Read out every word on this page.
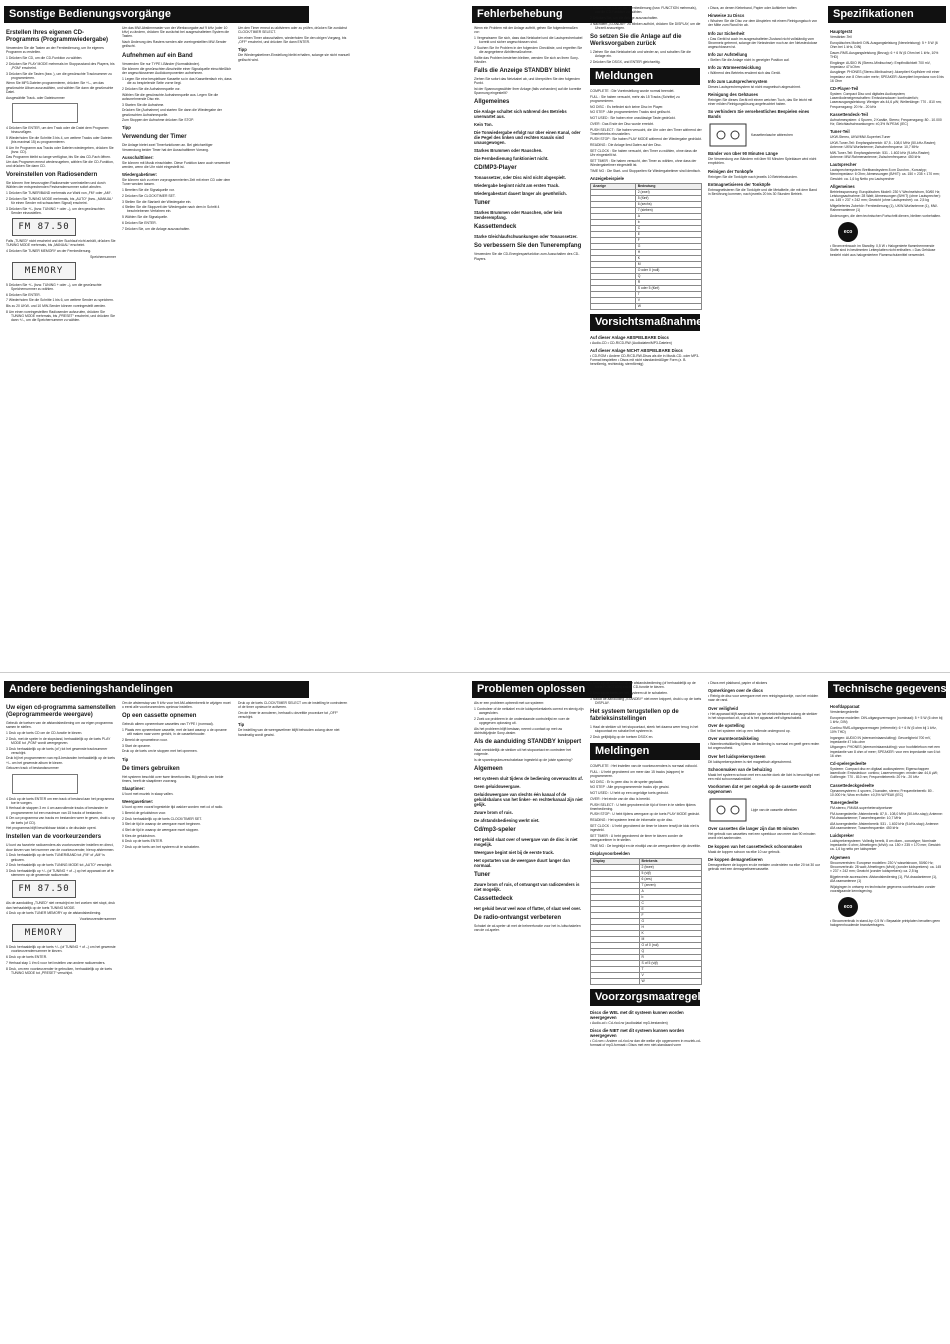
Sonstige Bedienungsvorgänge	Fehlerbehebung	Spezifikationen
Erstellen Ihres eigenen CD-Programms (Programmwiedergabe)
Verwenden Sie die Tasten an der Fernbedienung, um Ihr eigenes Programm zu erstellen.
1 Drücken Sie CD, um die CD-Funktion zu wählen.
2 Drücken Sie PLAY MODE mehrmals im Stoppzustand des Players, bis „PGM“ erscheint.
3 Drücken Sie die Tasten (bzw. ), um die gewünschte Tracknummer zu programmieren.
Wenn Sie MP3-Dateien programmieren, drücken Sie +/–, um das gewünschte Album auszuwählen, und wählen Sie dann die gewünschte Datei.
Ausgewählte Track- oder Dateinummer
4 Drücken Sie ENTER, um den Track oder die Datei dem Programm hinzuzufügen.
5 Wiederholen Sie die Schritte 3 bis 4, um weitere Tracks oder Dateien (bis maximal 15) zu programmieren.
6 Um Ihr Programm aus Tracks oder Dateien wiedergeben, drücken Sie (bzw. CD).
Das Programm bleibt so lange verfügbar, bis Sie das CD-Fach öffnen. Um das Programm erneut wiederzugeben, wählen Sie die CD-Funktion, und drücken Sie dann CD.
Voreinstellen von Radiosendern
Sie können Ihre bevorzugten Radiosender voreinstellen und durch Wählen der entsprechenden Festsendernummer sofort abrufen.
1 Drücken Sie TUNER/BAND mehrmals zur Wahl von „FM“ oder „AM“.
2 Drücken Sie TUNING MODE mehrmals, bis „AUTO“ (bzw. „MANUAL“ für einen Sender mit schwachem Signal) erscheint.
3 Drücken Sie +/– (bzw. TUNING + oder –), um den gewünschten Sender einzustellen.
FM 87.50
Falls „TUNED“ nicht erscheint und der Suchlauf nicht anhält, drücken Sie TUNING MODE mehrmals, bis „MANUAL“ erscheint.
4 Drücken Sie TUNER MEMORY an der Fernbedienung.
Speichernummer
MEMORY
5 Drücken Sie +/– (bzw. TUNING + oder –), um die gewünschte Speichernummer zu wählen.
6 Drücken Sie ENTER.
7 Wiederholen Sie die Schritte 1 bis 6, um weitere Sender zu speichern.
Bis zu 20 UKW- und 10 MW-Sender können voreingestellt werden.
8 Um einen voreingestellten Radiosender aufzurufen, drücken Sie TUNING MODE mehrmals, bis „PRESET“ erscheint, und drücken Sie dann +/–, um die Speichernummer zu wählen.
Um das MW-Abstimmraster von der Werksvorgabe auf 9 kHz (oder 10 kHz) zu ändern, drücken Sie zunächst bei ausgeschaltetem System die Tasten.
Nach Änderung des Rasters werden alle voreingestellten MW-Sender gelöscht.
Aufnehmen auf ein Band
Verwenden Sie nur TYPE I-Bänder (Normalbänder).
Sie können die gewünschten Abschnitte einer Signalquelle einschließlich der angeschlossenen Audiokomponenten aufnehmen.
1 Legen Sie eine bespielbare Kassette so in das Kassettenfach ein, dass die zu bespielende Seite vorne liegt.
2 Drücken Sie die Aufnahmequelle vor.
Wählen Sie die gewünschte Aufnahmequelle aus. Legen Sie die aufzunehmende Disc ein.
3 Starten Sie die Aufnahme.
Drücken Sie (Aufnahme) und starten Sie dann die Wiedergabe der gewünschten Aufnahmequelle.
Zum Stoppen der Aufnahme drücken Sie STOP.
Tipp
Verwendung der Timer
Die Anlage bietet zwei Timerfunktionen an. Bei gleichzeitiger Verwendung beider Timer hat der Ausschalttimer Vorrang.
Ausschalttimer:
Sie können mit Musik einschlafen. Diese Funktion kann auch verwendet werden, wenn die Uhr nicht eingestellt ist.
Wiedergabetimer:
Sie können sich zu einer vorprogrammierten Zeit mit einer CD oder dem Tuner wecken lassen.
1 Bereiten Sie die Signalquelle vor.
2 Drücken Sie CLOCK/TIMER SET.
3 Stellen Sie die Startzeit der Wiedergabe ein.
4 Stellen Sie die Stoppzeit der Wiedergabe nach dem in Schritt 4 beschriebenen Verfahren ein.
5 Wählen Sie die Signalquelle.
6 Drücken Sie ENTER.
7 Drücken Sie, um die Anlage auszuschalten.
Um den Timer erneut zu aktivieren oder zu prüfen, drücken Sie zunächst CLOCK/TIMER SELECT.
Um einen Timer abzuschalten, wiederholen Sie den obigen Vorgang, bis „OFF“ erscheint, und drücken Sie dann ENTER.
Tipp
Die Wiedergabetimer-Einstellung bleibt erhalten, solange sie nicht manuell gelöscht wird.
Wenn ein Problem mit der Anlage auftritt, gehen Sie folgendermaßen vor:
1 Vergewissern Sie sich, dass das Netzkabel und die Lautsprecherkabel korrekt und sicher angeschlossen sind.
2 Suchen Sie Ihr Problem in der folgenden Checkliste, und ergreifen Sie die angegebene Abhilfemaßnahme.
Sollte das Problem bestehen bleiben, wenden Sie sich an Ihren Sony-Händler.
Falls die Anzeige STANDBY blinkt
Ziehen Sie sofort das Netzkabel ab, und überprüfen Sie den folgenden Punkt.
Ist der Spannungswähler Ihrer Anlage (falls vorhanden) auf die korrekte Spannung eingestellt?
Allgemeines
Die Anlage schaltet sich während des Betriebs unerwartet aus.
Kein Ton.
Die Tonwiedergabe erfolgt nur über einen Kanal, oder die Pegel des linken und rechten Kanals sind unausgewogen.
Starkes Brummen oder Rauschen.
Die Fernbedienung funktioniert nicht.
CD/MP3-Player
Tonaussetzer, oder Disc wird nicht abgespielt.
Wiedergabe beginnt nicht am ersten Track.
Wiedergabestart dauert länger als gewöhnlich.
Tuner
Starkes Brummen oder Rauschen, oder kein Senderempfang.
Kassettendeck
Starke Gleichlaufschwankungen oder Tonaussetzer.
So verbessern Sie den Tunerempfang
Verwenden Sie die CD-Energiesparfunktion zum Ausschalten des CD-Players.
1 Drücken Sie CD an der Fernbedienung (bzw. FUNCTION mehrmals), um die CD-Funktion zu wählen.
2 Drücken Sie, um die Anlage auszuschalten.
3 Nachdem „STANDBY“ zu blinken aufhört, drücken Sie DISPLAY, um die Uhrzeit anzuzeigen.
So setzen Sie die Anlage auf die Werksvorgaben zurück
1 Ziehen Sie das Netzkabel ab und wieder an, und schalten Sie die Anlage ein.
2 Drücken Sie DSGX, und ENTER gleichzeitig.
Meldungen
COMPLETE : Die Voreinstellung wurde normal beendet.
FULL : Sie haben versucht, mehr als 15 Tracks (Schritte) zu programmieren.
NO DISC : Es befindet sich keine Disc im Player.
NO STEP : Alle programmierten Tracks sind gelöscht.
NOT USED : Sie haben eine unzulässige Taste gedrückt.
OVER : Das Ende der Disc wurde erreicht.
PUSH SELECT : Sie haben versucht, die Uhr oder den Timer während der Timerbetriebs einzustellen.
PUSH STOP : Sie haben PLAY MODE während der Wiedergabe gedrückt.
READING : Die Anlage liest Daten auf der Disc.
SET CLOCK : Sie haben versucht, den Timer zu wählen, ohne dass die Uhr eingestellt ist.
SET TIMER : Sie haben versucht, den Timer zu wählen, ohne dass der Wiedergabetimer eingestellt ist.
TIME NG : Die Start- und Stoppzeiten für Wiedergabetimer sind identisch.
Anzeigebeispiele
Anzeige	Bedeutung
	2 (zwei)
	5 (fünf)
	6 (sechs)
	7 (sieben)
	A
	b
	C
	E
	F
	G
	H
	K
	M
	O oder 0 (null)
	Q
	R
	S oder 5 (fünf)
	T
	V
	W
Vorsichtsmaßnahmen
Auf dieser Anlage ABSPIELBARE Discs
• Audio-CD • CD-R/CD-RW (Audiodaten/MP3-Dateien)
Auf dieser Anlage NICHT ABSPIELBARE Discs
• CD-ROM • Andere CD-R/CD-RW-Discs als die in Musik-CD- oder MP3-Format bespielten • Discs mit nicht standardmäßiger Form (z. B. herzförmig, rechteckig, sternförmig)
• Discs, an denen Klebeband, Papier oder Aufkleber haften
Hinweise zu Discs
• Wischen Sie die Disc vor dem Abspielen mit einem Reinigungstuch von der Mitte zum Rand hin ab.
Info zur Sicherheit
• Das Gerät ist auch im ausgeschalteten Zustand nicht vollständig vom Stromnetz getrennt, solange der Netzstecker noch an der Netzsteckdose angeschlossen ist.
Info zur Aufstellung
• Stellen Sie die Anlage nicht in geneigter Position auf.
Info zu Wärmeentwicklung
• Während des Betriebs erwärmt sich das Gerät.
Info zum Lautsprechersystem
Dieses Lautsprechersystem ist nicht magnetisch abgeschirmt.
Reinigung des Gehäuses
Reinigen Sie dieses Gerät mit einem weichen Tuch, das Sie leicht mit einer milden Reinigungslösung angefeuchtet haben.
So verhindern Sie versehentliches Bespielen eines Bands
Kassettenlasche abbrechen
Bänder von über 90 Minuten Länge
Die Verwendung von Bändern mit über 90 Minuten Spieldauer wird nicht empfohlen.
Reinigen der Tonköpfe
Reinigen Sie die Tonköpfe nach jeweils 10 Betriebsstunden.
Entmagnetisieren der Tonköpfe
Entmagnetisieren Sie die Tonköpfe und die Metallteile, die mit dem Band in Berührung kommen, nach jeweils 20 bis 30 Stunden Betrieb.
Hauptgerät
Verstärker-Teil
Europäisches Modell: DIN-Ausgangsleistung (Nennleistung): 5 + 5 W (6 Ohm bei 1 kHz, DIN)
Dauer-RMS-Ausgangsleistung (Bezug): 6 + 6 W (6 Ohm bei 1 kHz, 10% THD)
Eingänge: AUDIO IN (Stereo-Minibuchse): Empfindlichkeit 700 mV, Impedanz 47 kOhm
Ausgänge: PHONES (Stereo-Minibuchse): Akzeptiert Kopfhörer mit einer Impedanz von 8 Ohm oder mehr; SPEAKER: Akzeptiert Impedanz von 6 bis 16 Ohm
CD-Player-Teil
System: Compact Disc und digitales Audiosystem; Laserdiodeneigenschaften: Emissionsdauer: kontinuierlich; Laserausgangsleistung: Weniger als 44,6 µW; Wellenlänge: 770 - 810 nm; Frequenzgang: 20 Hz - 20 kHz
Kassettendeck-Teil
Aufnahmesystem: 4 Spuren, 2 Kanäle, Stereo; Frequenzgang: 80 - 10.000 Hz; Gleichlaufschwankungen: ±0,3% W.PEAK (IEC)
Tuner-Teil
UKW-Stereo, UKW/MW-Superhet-Tuner
UKW-Tuner-Teil: Empfangsbereich: 87,5 - 108,0 MHz (50-kHz-Raster); Antenne: UKW-Wurfantenne; Zwischenfrequenz: 10,7 MHz
MW-Tuner-Teil: Empfangsbereich: 531 - 1.602 kHz (9-kHz-Raster); Antenne: MW-Rahmenantenne; Zwischenfrequenz: 450 kHz
Lautsprecher
Lautsprechersystem: Breitbandsystem 8 cm Durchm., Konustyp; Nennimpedanz: 6 Ohm; Abmessungen (B/H/T): ca. 150 × 235 × 170 mm; Gewicht: ca. 1,6 kg Netto pro Lautsprecher
Allgemeines
Betriebsspannung: Europäisches Modell: 230 V Wechselstrom, 50/60 Hz; Leistungsaufnahme: 28 Watt; Abmessungen (B/H/T) (ohne Lautsprecher): ca. 145 × 237 × 242 mm; Gewicht (ohne Lautsprecher): ca. 2,5 kg
Mitgeliefertes Zubehör: Fernbedienung (1), UKW-Wurfantenne (1), MW-Rahmenantenne (1)
Änderungen, die dem technischen Fortschritt dienen, bleiben vorbehalten.
eco
• Stromverbrauch im Standby: 0,5 W • Halogenierte flammhemmende Stoffe sind in bestimmten Leiterplatten nicht enthalten. • Das Gehäuse besteht nicht aus halogeniertem Flammschutzmittel verwendet.
Andere bedieningshandelingen	Problemen oplossen	Technische gegevens
Uw eigen cd-programma samenstellen (Geprogrammeerde weergave)
Gebruik de toetsen van de afstandsbediening om uw eigen programma samen te stellen.
1 Druk op de toets CD om de CD-functie te kiezen.
2 Druk, met de speler in de stopstand, herhaaldelijk op de toets PLAY MODE tot „PGM“ wordt weergegeven.
3 Druk herhaaldelijk op de toets (of ) tot het gewenste tracknummer verschijnt.
Druk bij het programmeren van mp3-bestanden herhaaldelijk op de toets +/– om het gewenste album te kiezen.
Gekozen track of bestandsnummer
4 Druk op de toets ENTER om een track of bestand aan het programma toe te voegen.
5 Herhaal de stappen 3 en 4 om aanvullende tracks of bestanden te programmeren tot een maximum van 15 tracks of bestanden.
6 Om uw programma van tracks en bestanden weer te geven, drukt u op de toets (of CD).
Het programma blijft beschikbaar totdat u de disclade opent.
Instellen van de voorkeurzenders
U kunt uw favoriete radiozenders als voorkeurzender instellen en direct, door kiezen van het nummer van de voorkeurzender, hierop afstemmen.
1 Druk herhaaldelijk op de toets TUNER/BAND tot „FM“ of „AM“ is gekozen.
2 Druk herhaaldelijk op de toets TUNING MODE tot „AUTO“ verschijnt.
3 Druk herhaaldelijk op +/– (of TUNING + of –) op het apparaat om af te stemmen op de gewenste radiozender.
FM 87.50
Als de aanduiding „TUNED“ niet verschijnt en het zoeken niet stopt, druk dan herhaaldelijk op de toets TUNING MODE.
4 Druk op de toets TUNER MEMORY op de afstandsbediening.
Voorkeurzendernummer
MEMORY
5 Druk herhaaldelijk op de toets +/– (of TUNING + of –) om het gewenste voorkeurzendernummer te kiezen.
6 Druk op de toets ENTER.
7 Herhaal stap 1 t/m 6 voor het instellen van andere radiozenders.
8 Druk, om een voorkeurzender te gebruiken, herhaaldelijk op de toets TUNING MODE tot „PRESET“ verschijnt.
Om de afstemstap van 9 kHz voor het AM-afstembereik te wijzigen moet u eerst alle voorkeurzenders opnieuw instellen.
Op een cassette opnemen
Gebruik alleen opneembare cassettes van TYPE I (normaal).
1 Plaats een opneembare cassette, met de kant waarop u de opname wilt maken naar voren gericht, in de cassettehouder.
2 Bereid de opnamebron voor.
3 Start de opname.
Druk op de toets om te stoppen met het opnemen.
Tip
De timers gebruiken
Het systeem beschikt over twee timerfuncties. Bij gebruik van beide timers, heeft de slaaptimer voorrang.
Slaaptimer:
U kunt met muziek in slaap vallen.
Weergavetimer:
U kunt op een vooraf ingestelde tijd wakker worden met cd of radio.
1 Bereid de geluidsbron voor.
2 Druk herhaaldelijk op de toets CLOCK/TIMER SET.
3 Stel de tijd in waarop de weergave moet beginnen.
4 Stel de tijd in waarop de weergave moet stoppen.
5 Kies de geluidsbron.
6 Druk op de toets ENTER.
7 Druk op de toets om het systeem uit te schakelen.
Druk op de toets CLOCK/TIMER SELECT om de instelling te controleren of de timer opnieuw te activeren.
Om de timer te annuleren, herhaalt u dezelfde procedure tot „OFF“ verschijnt.
Tip
De instelling van de weergavetimer blijft behouden zolang deze niet handmatig wordt gewist.
Als er een probleem optreedt met uw systeem:
1 Controleer of de netkabel en de luidsprekerkabels correct en stevig zijn aangesloten.
2 Zoek uw probleem in de onderstaande controlelijst en voer de opgegeven oplossing uit.
Als het probleem blijft bestaan, neemt u contact op met uw dichtstbijzijnde Sony-dealer.
Als de aanduiding STANDBY knippert
Haal onmiddellijk de stekker uit het stopcontact en controleer het volgende.
Is de spanningskeuzeschakelaar ingesteld op de juiste spanning?
Algemeen
Het systeem sluit tijdens de bediening onverwachts af.
Geen geluidsweergave.
Geluidsweergave van slechts één kanaal of de geluidsbalans van het linker- en rechterkanaal zijn niet gelijk.
Zware brom of ruis.
De afstandsbediening werkt niet.
Cd/mp3-speler
Het geluid slaat over of weergave van de disc is niet mogelijk.
Weergave begint niet bij de eerste track.
Het opstarten van de weergave duurt langer dan normaal.
Tuner
Zware brom of ruis, of ontvangst van radiozenders is niet mogelijk.
Cassettedeck
Het geluid bevat veel wow of flutter, of slaat veel over.
De radio-ontvangst verbeteren
Schakel de cd-speler uit met de beheerfunctie voor het in-/uitschakelen van de cd-speler.
1 Druk op de toets CD op de afstandsbediening (of herhaaldelijk op de toets FUNCTION) om de CD-functie te kiezen.
2 Druk op de toets om het systeem uit te schakelen.
3 Nadat de aanduiding „STANDBY“ niet meer knippert, drukt u op de toets DISPLAY.
Het systeem terugstellen op de fabrieksinstellingen
1 Haal de stekker uit het stopcontact, steek het daarna weer terug in het stopcontact en schakel het systeem in.
2 Druk gelijktijdig op de toetsen DSGX en.
Meldingen
COMPLETE : Het instellen van de voorkeurzenders is normaal voltooid.
FULL : U hebt geprobeerd om meer dan 15 tracks (stappen) te programmeren.
NO DISC : Er is geen disc in de speler geplaatst.
NO STEP : Alle geprogrammeerde tracks zijn gewist.
NOT USED : U hebt op een ongeldige toets gedrukt.
OVER : Het einde van de disc is bereikt.
PUSH SELECT : U hebt geprobeerd de tijd of timer in te stellen tijdens timerbediening.
PUSH STOP : U hebt tijdens weergave op de toets PLAY MODE gedrukt.
READING : Het systeem leest de informatie op de disc.
SET CLOCK : U hebt geprobeerd de timer te kiezen terwijl de klok niet is ingesteld.
SET TIMER : U hebt geprobeerd de timer te kiezen zonder de weergavetimer in te stellen.
TIME NG : De begintijd en de eindtijd van de weergavetimer zijn dezelfde.
Displayvoorbeelden
Display	Betekenis
	2 (twee)
	5 (vijf)
	6 (zes)
	7 (zeven)
	A
	b
	C
	E
	F
	G
	H
	K
	M
	O of 0 (nul)
	Q
	R
	S of 5 (vijf)
	T
	V
	W
Voorzorgsmaatregelen
Discs die WEL met dit systeem kunnen worden weergegeven
• Audio-cd • Cd-r/cd-rw (audiodata/ mp3-bestanden)
Discs die NIET met dit systeem kunnen worden weergegeven
• Cd-rom • Andere cd-r/cd-rw dan die welke zijn opgenomen in muziek-cd-formaat of mp3-formaat • Discs met een niet-standaard vorm
• Discs met plakband, papier of stickers
Opmerkingen over de discs
• Reinig de disc voor weergave met een reinigingsdoekje, van het midden naar de rand.
Over veiligheid
• Het apparaat blijft aangesloten op het elektriciteitsnet zolang de stekker in het stopcontact zit, ook al is het apparaat zelf uitgeschakeld.
Over de opstelling
• Stel het systeem niet op een hellende ondergrond op.
Over warmteontwikkeling
• Warmteontwikkeling tijdens de bediening is normaal en geeft geen reden tot ongerustheid.
Over het luidsprekersysteem
Dit luidsprekersysteem is niet magnetisch afgeschermd.
Schoonmaken van de behuizing
Maak het systeem schoon met een zachte doek die licht is bevochtigd met een mild schoonmaakmiddel.
Voorkomen dat er per ongeluk op de cassette wordt opgenomen
Lipje van de cassette afbreken
Over cassettes die langer zijn dan 90 minuten
Het gebruik van cassettes met een speelduur van meer dan 90 minuten wordt niet aanbevolen.
De koppen van het cassettedeck schoonmaken
Maak de koppen schoon na elke 10 uur gebruik.
De koppen demagnetiseren
Demagnetiseer de koppen en de metalen onderdelen na elke 20 tot 30 uur gebruik met een demagnetiseercassette.
Hoofdapparaat
Versterkergedeelte
Europese modellen: DIN-uitgangsvermogen (nominaal): 5 + 5 W (6 ohm bij 1 kHz, DIN)
Continu RMS-uitgangsvermogen (referentie): 6 + 6 W (6 ohm bij 1 kHz, 10% THD)
Ingangen: AUDIO IN (stereominiaansluiting): Gevoeligheid 700 mV, impedantie 47 kilo-ohm
Uitgangen: PHONES (stereominiaansluiting): voor hoofdtelefoon met een impedantie van 8 ohm of meer; SPEAKER: voor een impedantie van 6 tot 16 ohm
Cd-spelergedeelte
Systeem: Compact disc en digitaal audiosysteem; Eigenschappen laserdiode: Emissieduur: continu; Laservermogen: minder dan 44,6 µW; Golflengte: 770 - 810 nm; Frequentiebereik: 20 Hz - 20 kHz
Cassettedeckgedeelte
Opnamesysteem: 4 sporen, 2 kanalen, stereo; Frequentiebereik: 80 - 10.000 Hz; Wow en flutter: ±0,3% W.PEAK (IEC)
Tunergedeelte
FM-stereo, FM/AM-superheterodynetuner
FM-tunergedeelte: Afstembereik: 87,5 - 108,0 MHz (50-kHz-stap); Antenne: FM-draadantenne; Tussenfrequentie: 10,7 MHz
AM-tunergedeelte: Afstembereik: 531 - 1.602 kHz (9-kHz-stap); Antenne: AM-raamantenne; Tussenfrequentie: 450 kHz
Luidspreker
Luidsprekersysteem: Volledig bereik, 8 cm diam., conustype; Nominale impedantie: 6 ohm; Afmetingen (b/h/d): ca. 150 × 235 × 170 mm; Gewicht: ca. 1,6 kg netto per luidspreker
Algemeen
Stroomvereisten: Europese modellen: 230 V wisselstroom, 50/60 Hz; Stroomverbruik: 28 watt; Afmetingen (b/h/d) (zonder luidsprekers): ca. 145 × 237 × 242 mm; Gewicht (zonder luidsprekers): ca. 2,5 kg
Bijgeleverde accessoires: Afstandsbediening (1), FM-draadantenne (1), AM-raamantenne (1)
Wijzigingen in ontwerp en technische gegevens voorbehouden zonder voorafgaande kennisgeving.
eco
• Stroomverbruik in stand-by: 0,5 W • Bepaalde printplaten bevatten geen halogeenhoudende brandvertragers.
